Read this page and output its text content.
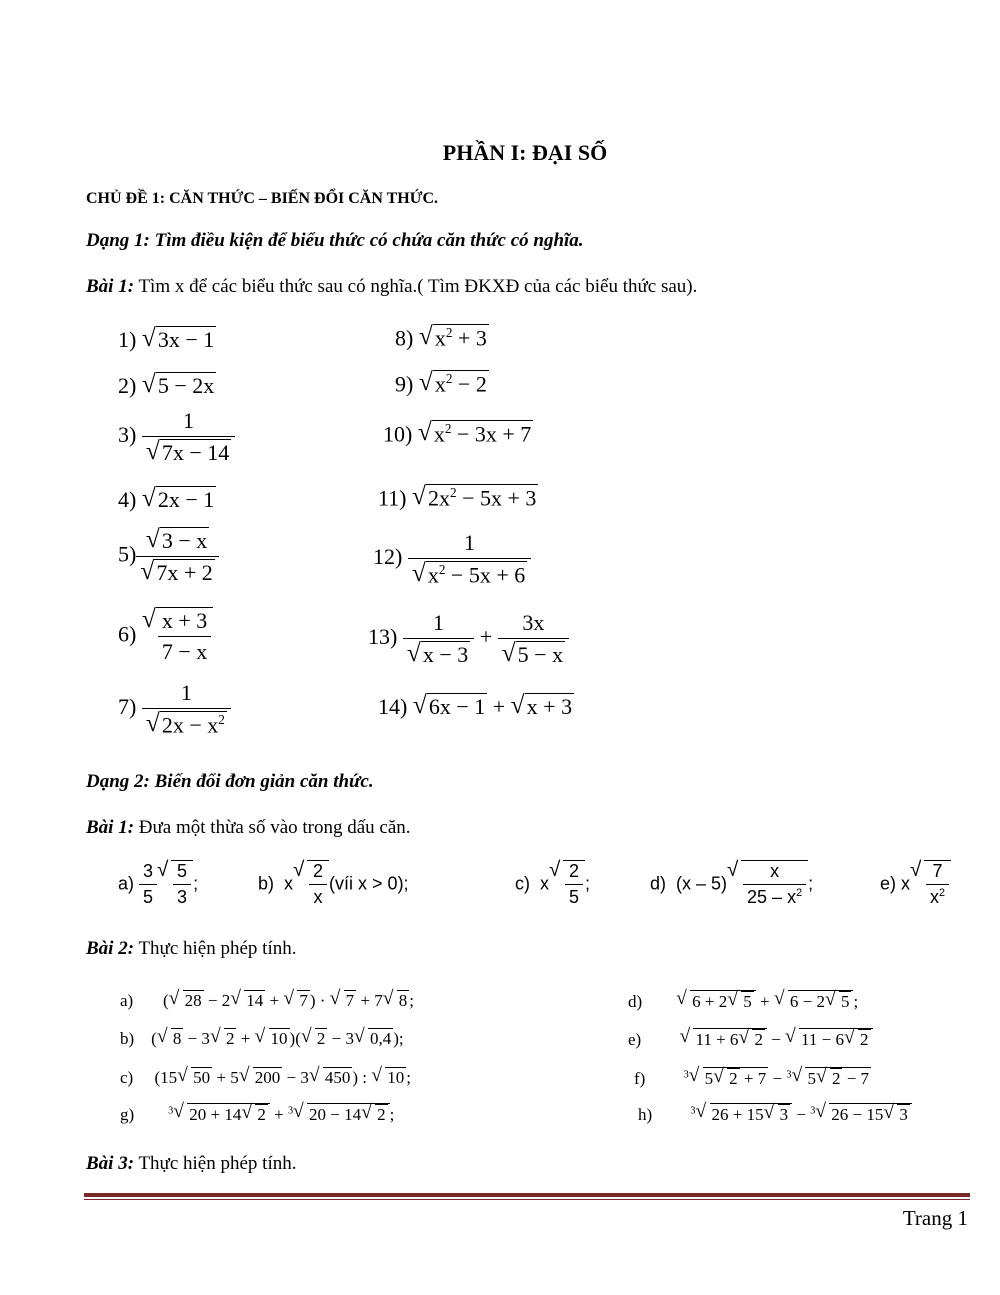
PHẦN I: ĐẠI SỐ
CHỦ ĐỀ 1: CĂN THỨC – BIẾN ĐỔI CĂN THỨC.
Dạng 1: Tìm điều kiện để biểu thức có chứa căn thức có nghĩa.
Bài 1: Tìm x để các biểu thức sau có nghĩa.( Tìm ĐKXĐ của các biểu thức sau).
1) √ 3x − 1
2) √ 5 − 2x
3) 1
√ 7x − 14
4) √ 2x − 1
5) √ 3 − x
√ 7x + 2
6) √ $\frac{x + 3}{7 - x}$
7) 1
√ $2x - x^2$
8) √ $x^2 + 3$
9) √ $x^2 - 2$
10) √ $x^2 - 3x + 7$
11) √ $2x^2 - 5x + 3$
12) 1
√ $x^2 - 5x + 6$
13) 1
√ x − 3 + 3x
√ 5 − x
14) √ 6x − 1 + √ x + 3
Dạng 2: Biến đổi đơn giản căn thức.
Bài 1: Đưa một thừa số vào trong dấu căn.
$a) \frac{3}{5}$ √ $\frac{5}{3}$ ;	b)  x √ $\frac{2}{x}$ (víi x > 0);	c)  x √ $\frac{2}{5}$ ;	d)  (x – 5) √ $\frac{x}{25 - x^2}$ ;	e) x √ $\frac{7}{x^2}$
Bài 2: Thực hiện phép tính.
a)       ( √ 28 − 2 √ 14 + √ 7 ) · √ 7 + 7 √ 8 ;
b)    ( √ 8 − 3 √ 2 + √ 10 )( √ 2 − 3 √ 0,4 );
c)     (15 √ 50 + 5 √ 200 − 3 √ 450 ) : √ 10 ;
g)	$^3$ √ 20 + 14 √ 2 + $^3$ √ 20 − 14 √ 2 ;
d)	√ 6 + 2 √ 5 + √ 6 − 2 √ 5 ;
e)	√ 11 + 6 √ 2 − √ 11 − 6 √ 2
f)	$^3$ √ 5 √ 2 + 7 − $^3$ √ 5 √ 2 − 7
h)	$^3$ √ 26 + 15 √ 3 − $^3$ √ 26 − 15 √ 3
Bài 3: Thực hiện phép tính.
Trang 1
